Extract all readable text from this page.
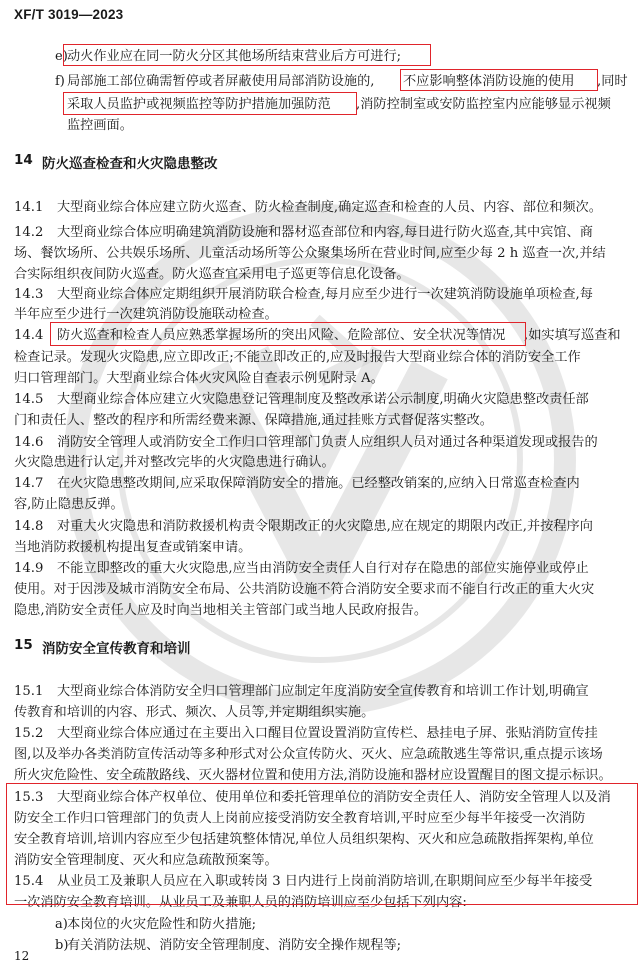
XF/T 3019—2023
e)
f)
a)
b)
14.1
14.2
14.3
14.4
14.5
14.6
14.7
14.8
14.9
15.1
15.2
15.3
15.4
14 防火巡查检查和火灾隐患整改
15 消防安全宣传教育和培训
动火作业应在同一防火分区其他场所结束营业后方可进行;
局部施工部位确需暂停或者屏蔽使用局部消防设施的, 不应影响整体消防设施的使用 ,同时
采取人员监护或视频监控等防护措施加强防范 ,消防控制室或安防监控室内应能够显示视频
监控画面。
大型商业综合体应建立防火巡查、防火检查制度,确定巡查和检查的人员、内容、部位和频次。
大型商业综合体应明确建筑消防设施和器材巡查部位和内容,每日进行防火巡查,其中宾馆、商
场、餐饮场所、公共娱乐场所、儿童活动场所等公众聚集场所在营业时间,应至少每 2 h 巡查一次,并结
合实际组织夜间防火巡查。防火巡查宜采用电子巡更等信息化设备。
大型商业综合体应定期组织开展消防联合检查,每月应至少进行一次建筑消防设施单项检查,每
半年应至少进行一次建筑消防设施联动检查。
防火巡查和检查人员应熟悉掌握场所的突出风险、危险部位、安全状况等情况 ,如实填写巡查和
检查记录。发现火灾隐患,应立即改正;不能立即改正的,应及时报告大型商业综合体的消防安全工作
归口管理部门。大型商业综合体火灾风险自查表示例见附录 A。
大型商业综合体应建立火灾隐患登记管理制度及整改承诺公示制度,明确火灾隐患整改责任部
门和责任人、整改的程序和所需经费来源、保障措施,通过挂账方式督促落实整改。
消防安全管理人或消防安全工作归口管理部门负责人应组织人员对通过各种渠道发现或报告的
火灾隐患进行认定,并对整改完毕的火灾隐患进行确认。
在火灾隐患整改期间,应采取保障消防安全的措施。已经整改销案的,应纳入日常巡查检查内
容,防止隐患反弹。
对重大火灾隐患和消防救援机构责令限期改正的火灾隐患,应在规定的期限内改正,并按程序向
当地消防救援机构提出复查或销案申请。
不能立即整改的重大火灾隐患,应当由消防安全责任人自行对存在隐患的部位实施停业或停止
使用。对于因涉及城市消防安全布局、公共消防设施不符合消防安全要求而不能自行改正的重大火灾
隐患,消防安全责任人应及时向当地相关主管部门或当地人民政府报告。
大型商业综合体消防安全归口管理部门应制定年度消防安全宣传教育和培训工作计划,明确宣
传教育和培训的内容、形式、频次、人员等,并定期组织实施。
大型商业综合体应通过在主要出入口醒目位置设置消防宣传栏、悬挂电子屏、张贴消防宣传挂
图,以及举办各类消防宣传活动等多种形式对公众宣传防火、灭火、应急疏散逃生等常识,重点提示该场
所火灾危险性、安全疏散路线、灭火器材位置和使用方法,消防设施和器材应设置醒目的图文提示标识。
大型商业综合体产权单位、使用单位和委托管理单位的消防安全责任人、消防安全管理人以及消
防安全工作归口管理部门的负责人上岗前应接受消防安全教育培训,平时应至少每半年接受一次消防
安全教育培训,培训内容应至少包括建筑整体情况,单位人员组织架构、灭火和应急疏散指挥架构,单位
消防安全管理制度、灭火和应急疏散预案等。
从业员工及兼职人员应在入职或转岗 3 日内进行上岗前消防培训,在职期间应至少每半年接受
一次消防安全教育培训。从业员工及兼职人员的消防培训应至少包括下列内容:
本岗位的火灾危险性和防火措施;
有关消防法规、消防安全管理制度、消防安全操作规程等;
12
